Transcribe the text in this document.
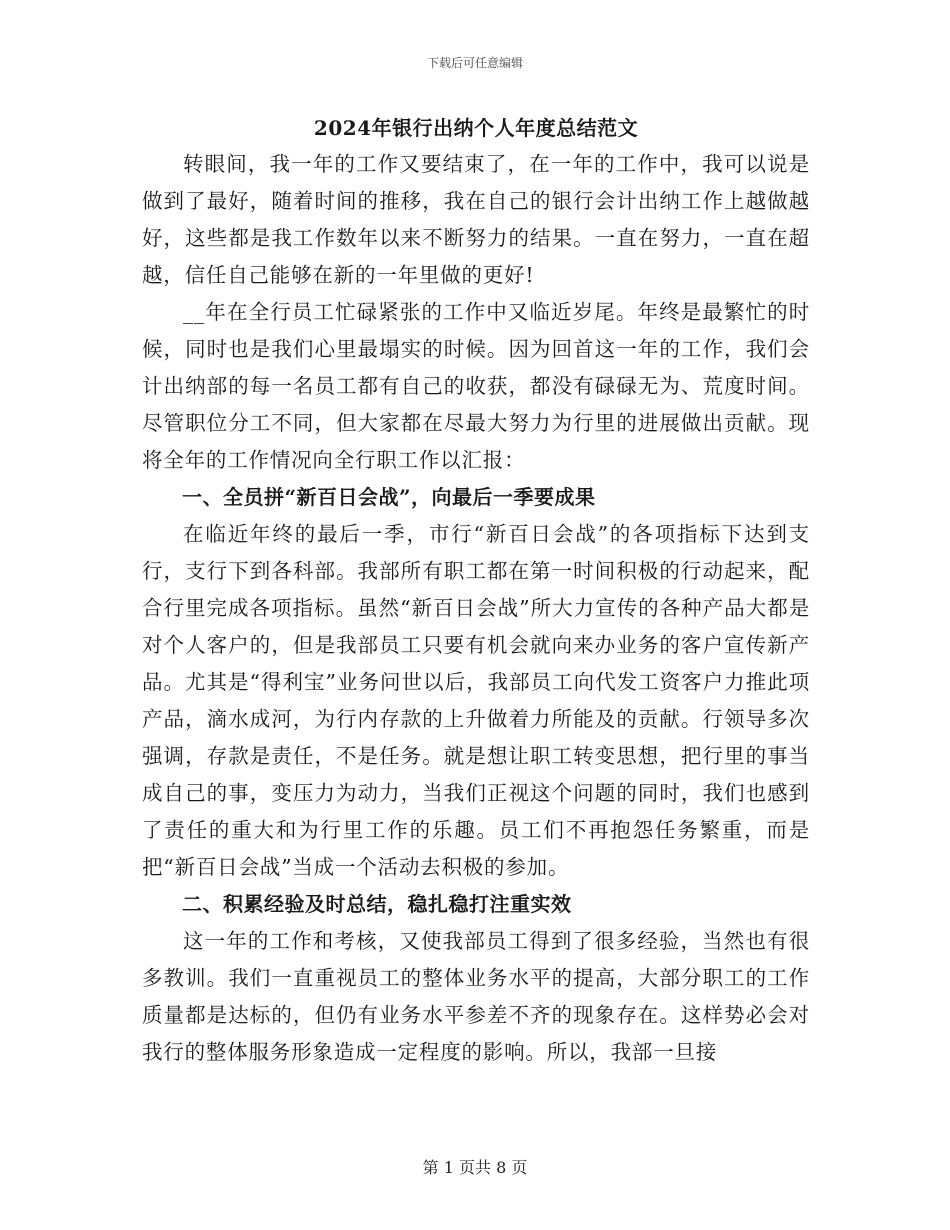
下载后可任意编辑
2024年银行出纳个人年度总结范文

转眼间，我一年的工作又要结束了，在一年的工作中，我可以说是做到了最好，随着时间的推移，我在自己的银行会计出纳工作上越做越好，这些都是我工作数年以来不断努力的结果。一直在努力，一直在超越，信任自己能够在新的一年里做的更好!

__年在全行员工忙碌紧张的工作中又临近岁尾。年终是最繁忙的时候，同时也是我们心里最塌实的时候。因为回首这一年的工作，我们会计出纳部的每一名员工都有自己的收获，都没有碌碌无为、荒度时间。尽管职位分工不同，但大家都在尽最大努力为行里的进展做出贡献。现将全年的工作情况向全行职工作以汇报：

一、全员拼“新百日会战”，向最后一季要成果

在临近年终的最后一季，市行“新百日会战”的各项指标下达到支行，支行下到各科部。我部所有职工都在第一时间积极的行动起来，配合行里完成各项指标。虽然“新百日会战”所大力宣传的各种产品大都是对个人客户的，但是我部员工只要有机会就向来办业务的客户宣传新产品。尤其是“得利宝”业务问世以后，我部员工向代发工资客户力推此项产品，滴水成河，为行内存款的上升做着力所能及的贡献。行领导多次强调，存款是责任，不是任务。就是想让职工转变思想，把行里的事当成自己的事，变压力为动力，当我们正视这个问题的同时，我们也感到了责任的重大和为行里工作的乐趣。员工们不再抱怨任务繁重，而是把“新百日会战”当成一个活动去积极的参加。

二、积累经验及时总结，稳扎稳打注重实效

这一年的工作和考核，又使我部员工得到了很多经验，当然也有很多教训。我们一直重视员工的整体业务水平的提高，大部分职工的工作质量都是达标的，但仍有业务水平参差不齐的现象存在。这样势必会对我行的整体服务形象造成一定程度的影响。所以，我部一旦接

第 1 页共 8 页
